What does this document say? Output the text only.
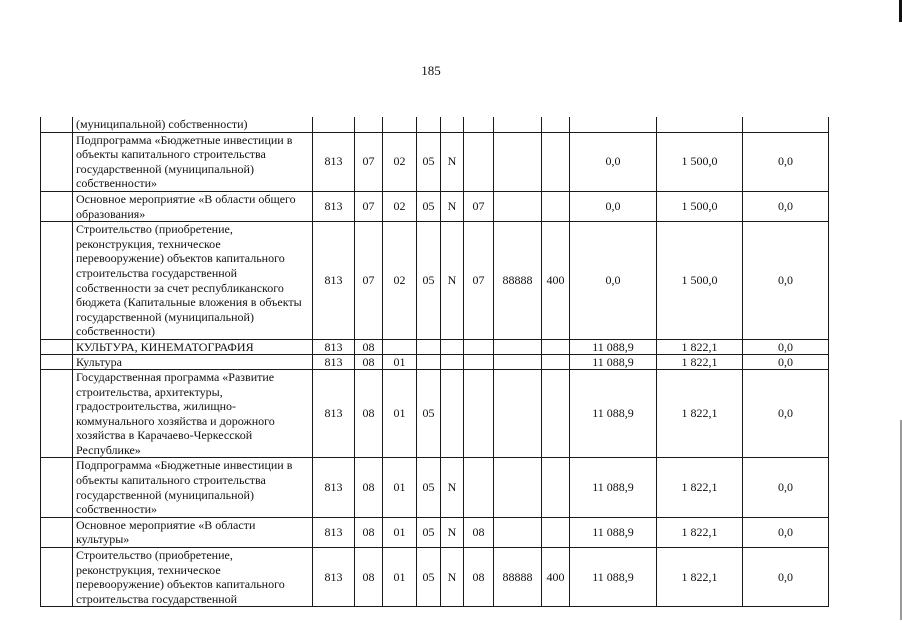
185
	(муниципальной) собственности)											
	Подпрограмма «Бюджетные инвестиции в объекты капитального строительства государственной (муниципальной) собственности»	813	07	02	05	N				0,0	1 500,0	0,0
	Основное мероприятие «В области общего образования»	813	07	02	05	N	07			0,0	1 500,0	0,0
	Строительство (приобретение, реконструкция, техническое перевооружение) объектов капитального строительства государственной собственности за счет республиканского бюджета (Капитальные вложения в объекты государственной (муниципальной) собственности)	813	07	02	05	N	07	88888	400	0,0	1 500,0	0,0
	КУЛЬТУРА, КИНЕМАТОГРАФИЯ	813	08							11 088,9	1 822,1	0,0
	Культура	813	08	01						11 088,9	1 822,1	0,0
	Государственная программа «Развитие строительства, архитектуры, градостроительства, жилищно-коммунального хозяйства и дорожного хозяйства в Карачаево-Черкесской Республике»	813	08	01	05					11 088,9	1 822,1	0,0
	Подпрограмма «Бюджетные инвестиции в объекты капитального строительства государственной (муниципальной) собственности»	813	08	01	05	N				11 088,9	1 822,1	0,0
	Основное мероприятие «В области культуры»	813	08	01	05	N	08			11 088,9	1 822,1	0,0
	Строительство (приобретение, реконструкция, техническое перевооружение) объектов капитального строительства государственной	813	08	01	05	N	08	88888	400	11 088,9	1 822,1	0,0
